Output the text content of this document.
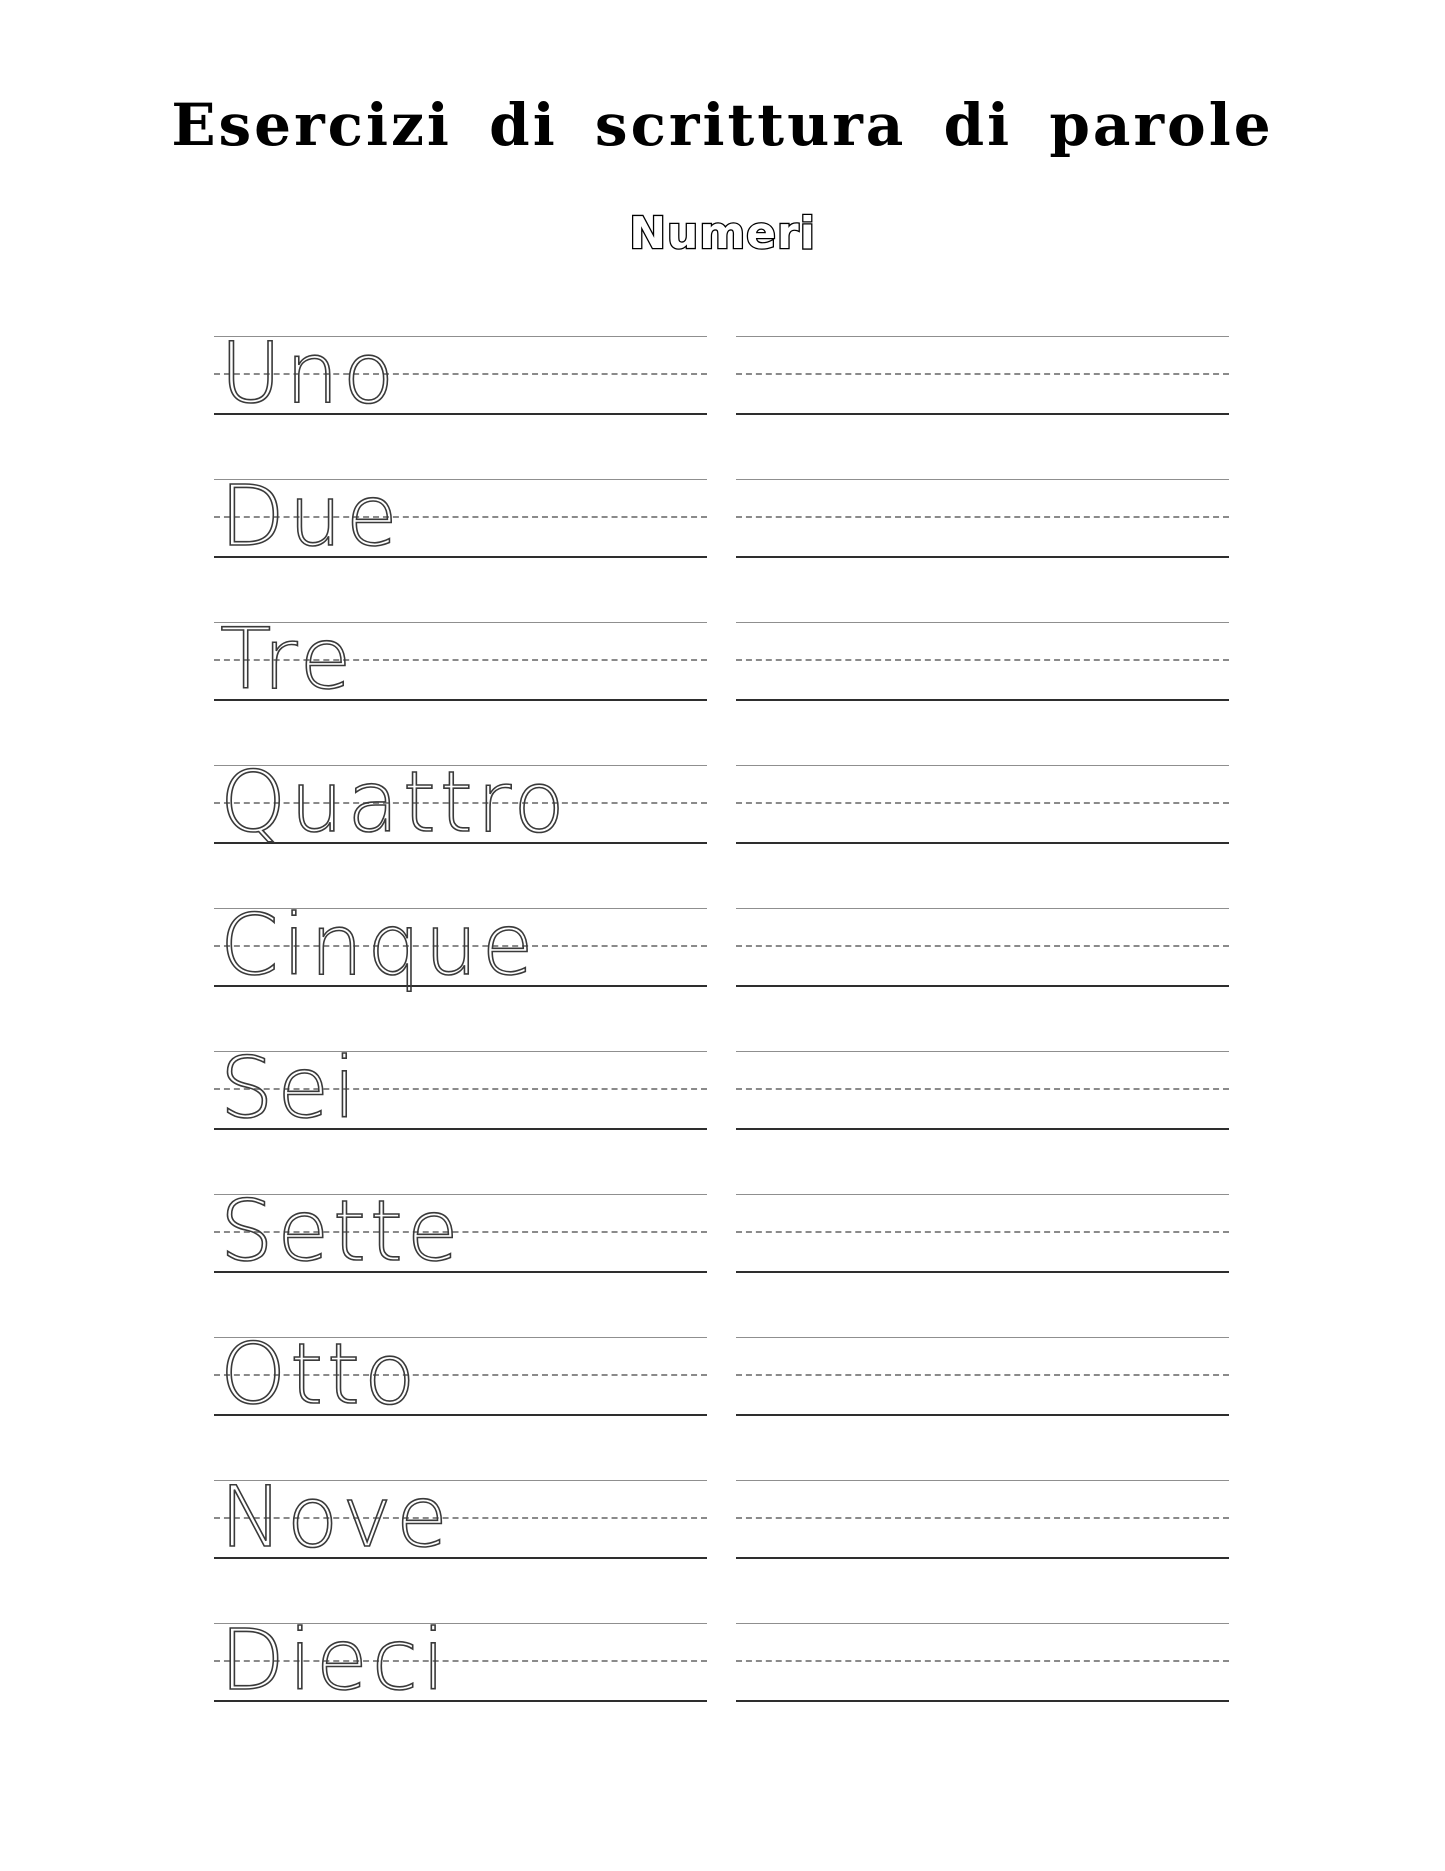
Esercizi di scrittura di parole
Numeri
Uno
Due
Tre
Quattro
Cinque
Sei
Sette
Otto
Nove
Dieci
